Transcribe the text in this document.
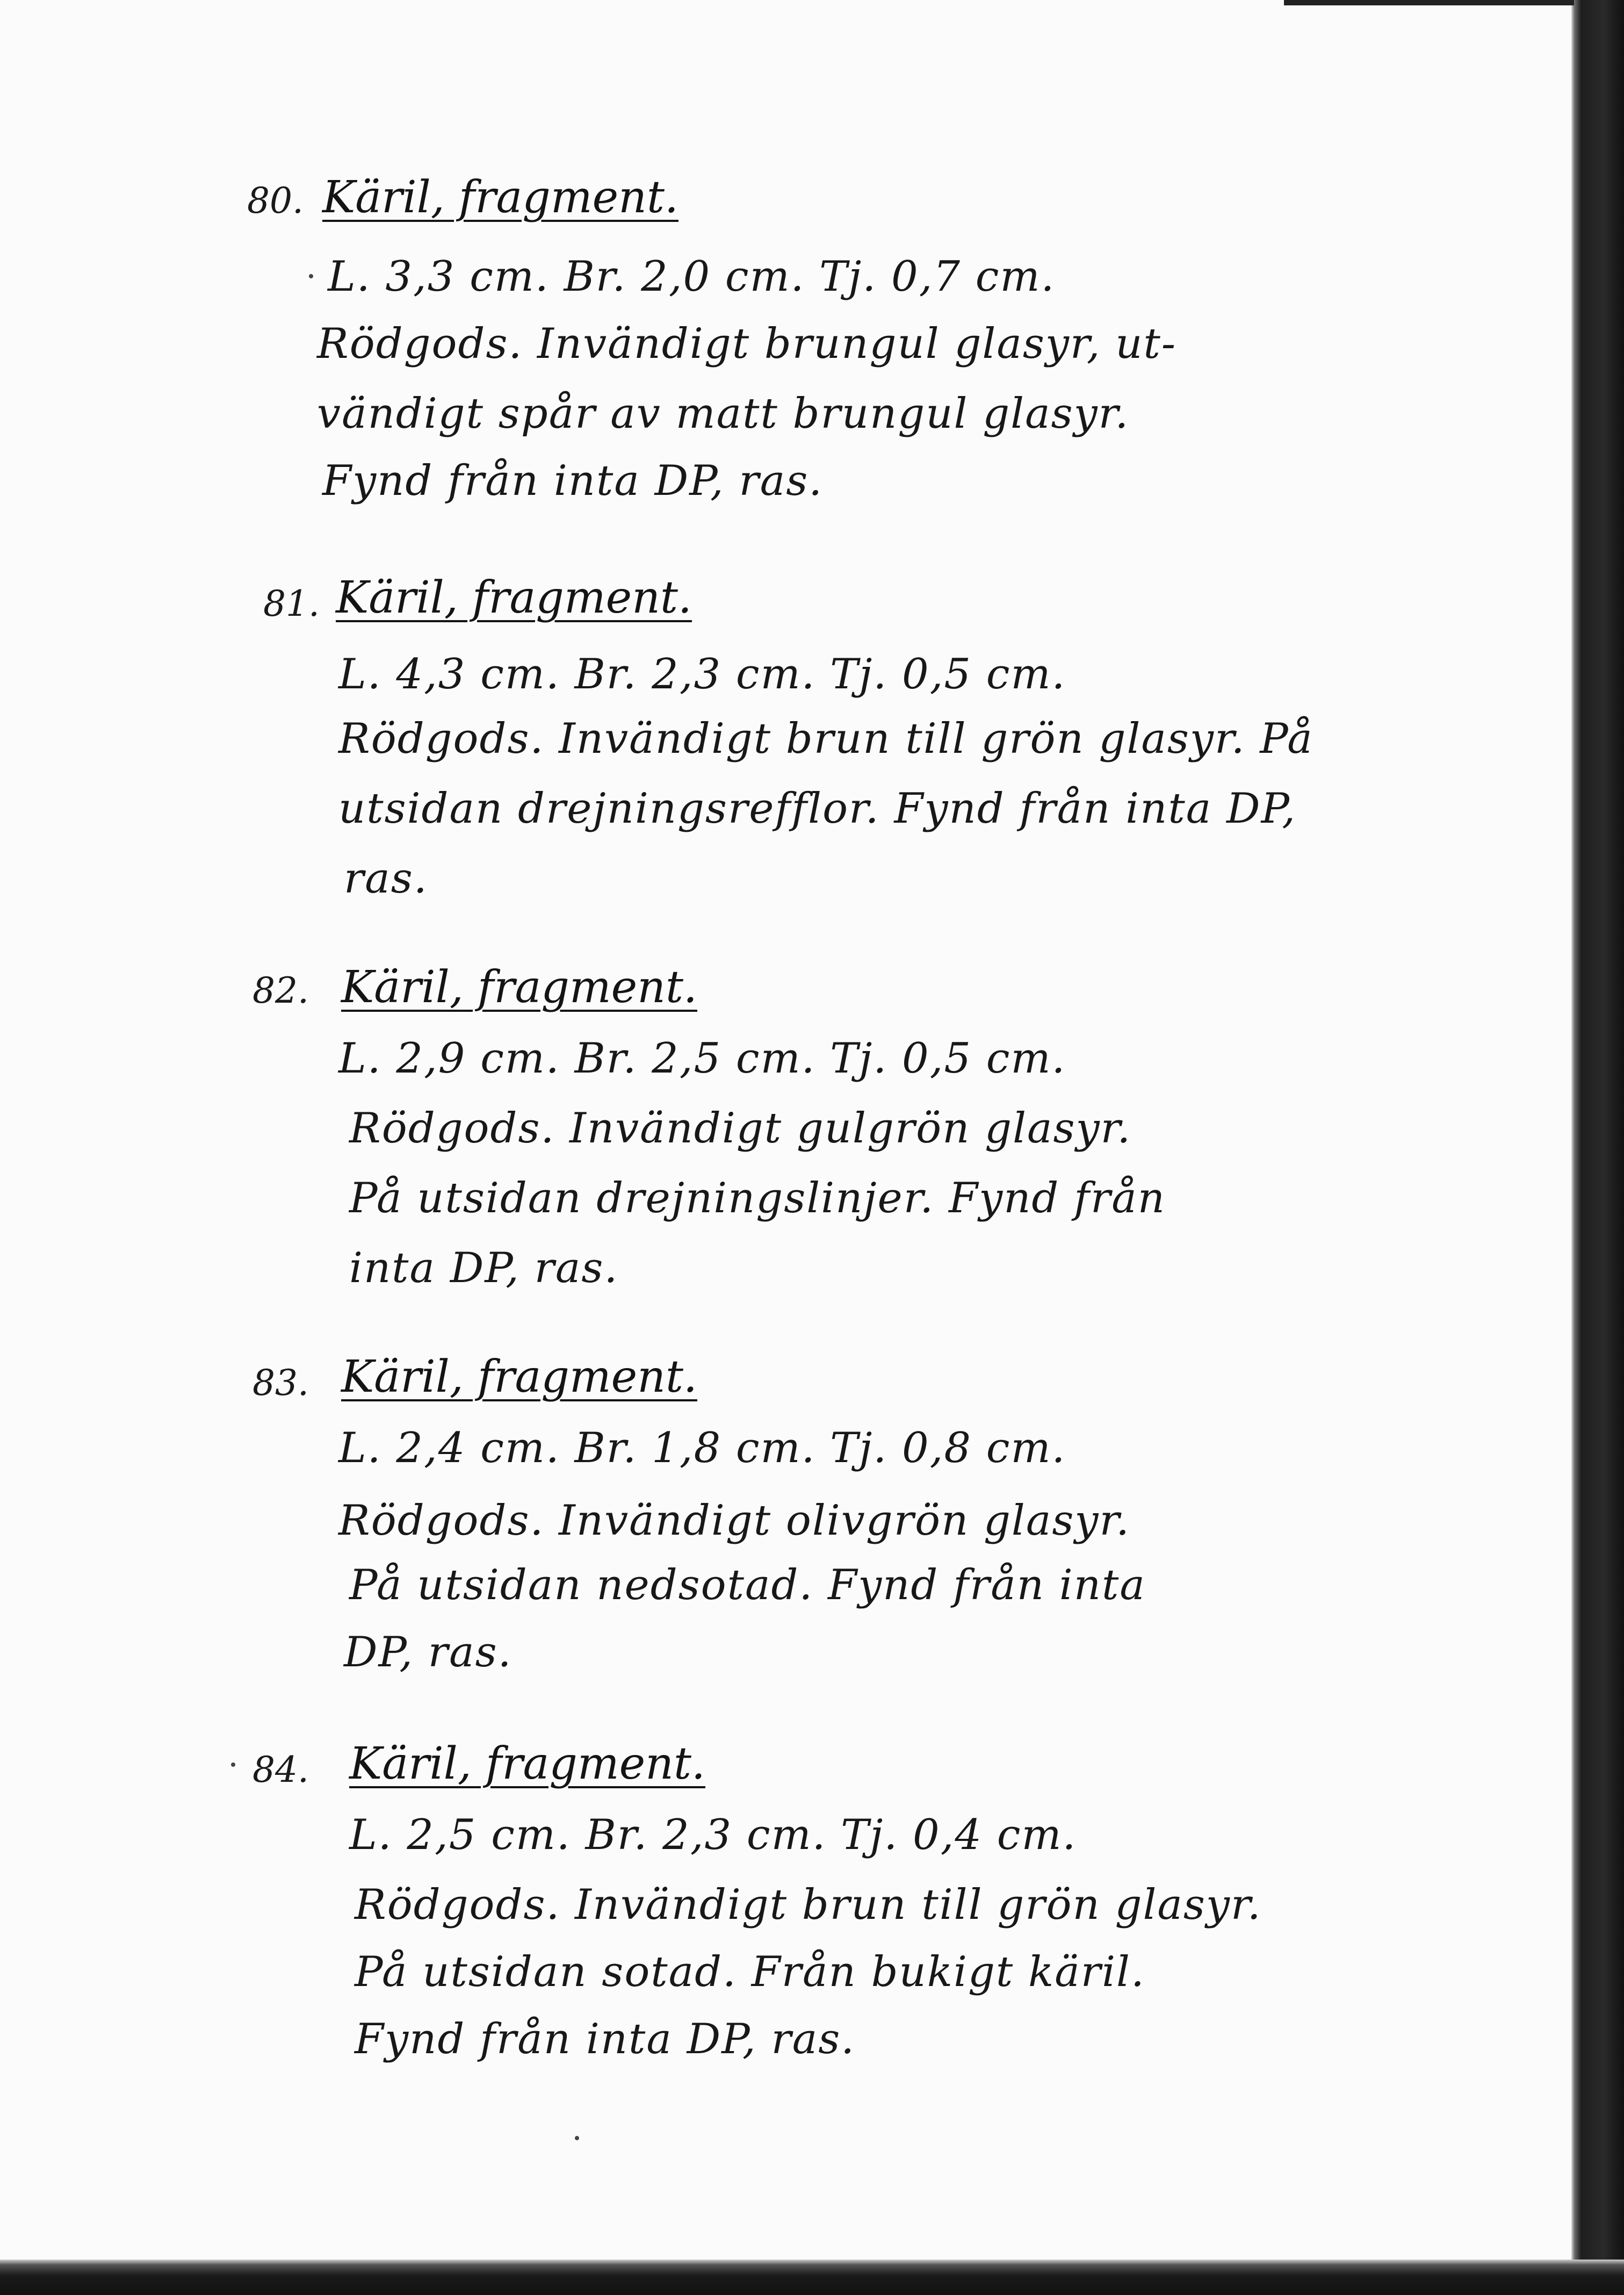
80. Käril, fragment.
L. 3,3 cm. Br. 2,0 cm. Tj. 0,7 cm.
Rödgods. Invändigt brungul glasyr, ut-
vändigt spår av matt brungul glasyr.
Fynd från inta DP, ras.
81. Käril, fragment.
L. 4,3 cm. Br. 2,3 cm. Tj. 0,5 cm.
Rödgods. Invändigt brun till grön glasyr. På
utsidan drejningsrefflor. Fynd från inta DP,
ras.
82. Käril, fragment.
L. 2,9 cm. Br. 2,5 cm. Tj. 0,5 cm.
Rödgods. Invändigt gulgrön glasyr.
På utsidan drejningslinjer. Fynd från
inta DP, ras.
83. Käril, fragment.
L. 2,4 cm. Br. 1,8 cm. Tj. 0,8 cm.
Rödgods. Invändigt olivgrön glasyr.
På utsidan nedsotad. Fynd från inta
DP, ras.
84. Käril, fragment.
L. 2,5 cm. Br. 2,3 cm. Tj. 0,4 cm.
Rödgods. Invändigt brun till grön glasyr.
På utsidan sotad. Från bukigt käril.
Fynd från inta DP, ras.
